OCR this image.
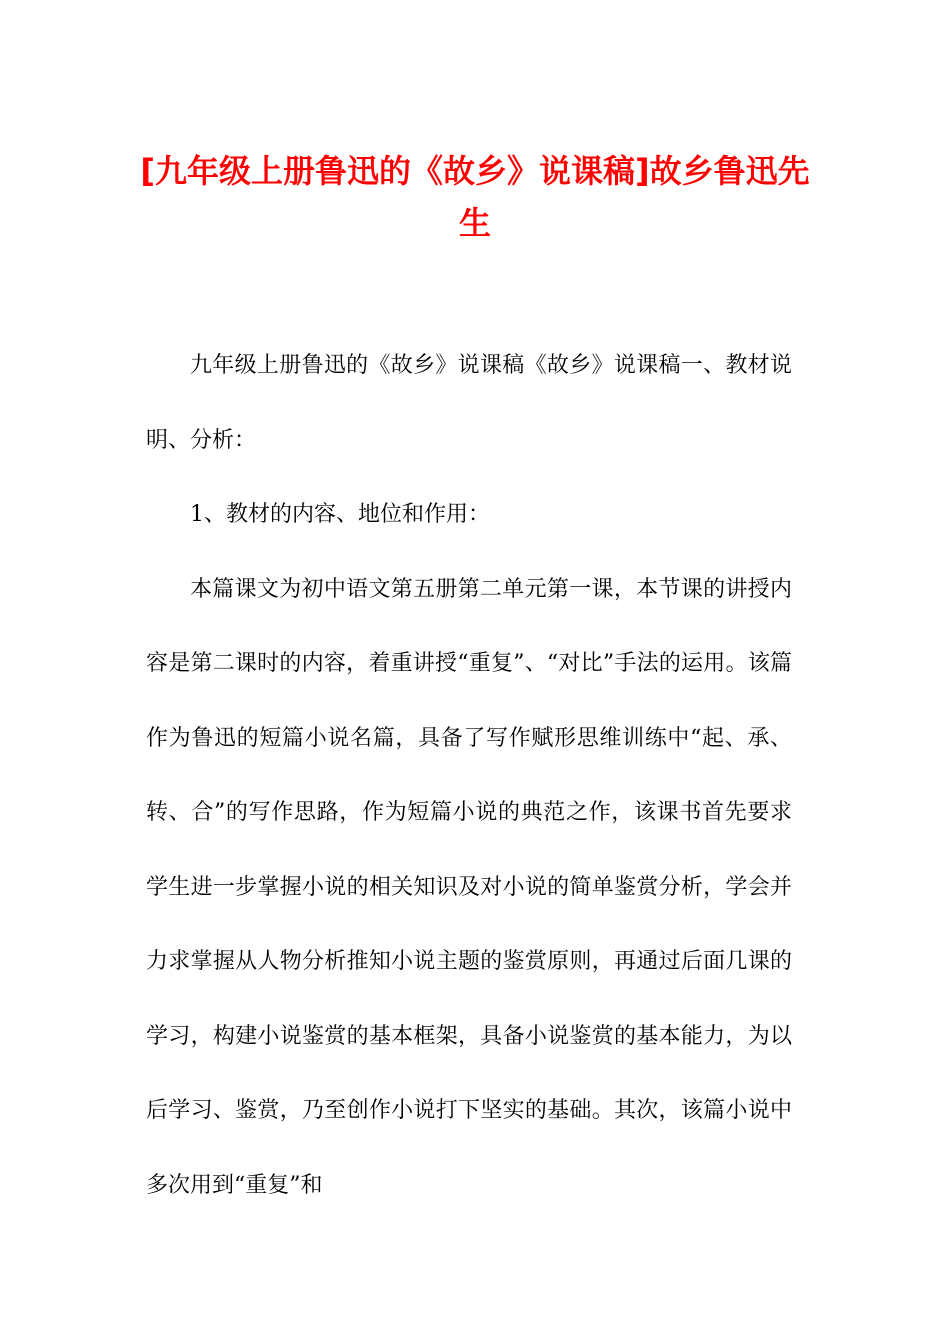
[九年级上册鲁迅的《故乡》说课稿]故乡鲁迅先生

九年级上册鲁迅的《故乡》说课稿《故乡》说课稿一、教材说明、分析：

1、教材的内容、地位和作用：

本篇课文为初中语文第五册第二单元第一课，本节课的讲授内容是第二课时的内容，着重讲授“重复”、“对比”手法的运用。该篇作为鲁迅的短篇小说名篇，具备了写作赋形思维训练中“起、承、转、合”的写作思路，作为短篇小说的典范之作，该课书首先要求学生进一步掌握小说的相关知识及对小说的简单鉴赏分析，学会并力求掌握从人物分析推知小说主题的鉴赏原则，再通过后面几课的学习，构建小说鉴赏的基本框架，具备小说鉴赏的基本能力，为以后学习、鉴赏，乃至创作小说打下坚实的基础。其次，该篇小说中多次用到“重复”和
